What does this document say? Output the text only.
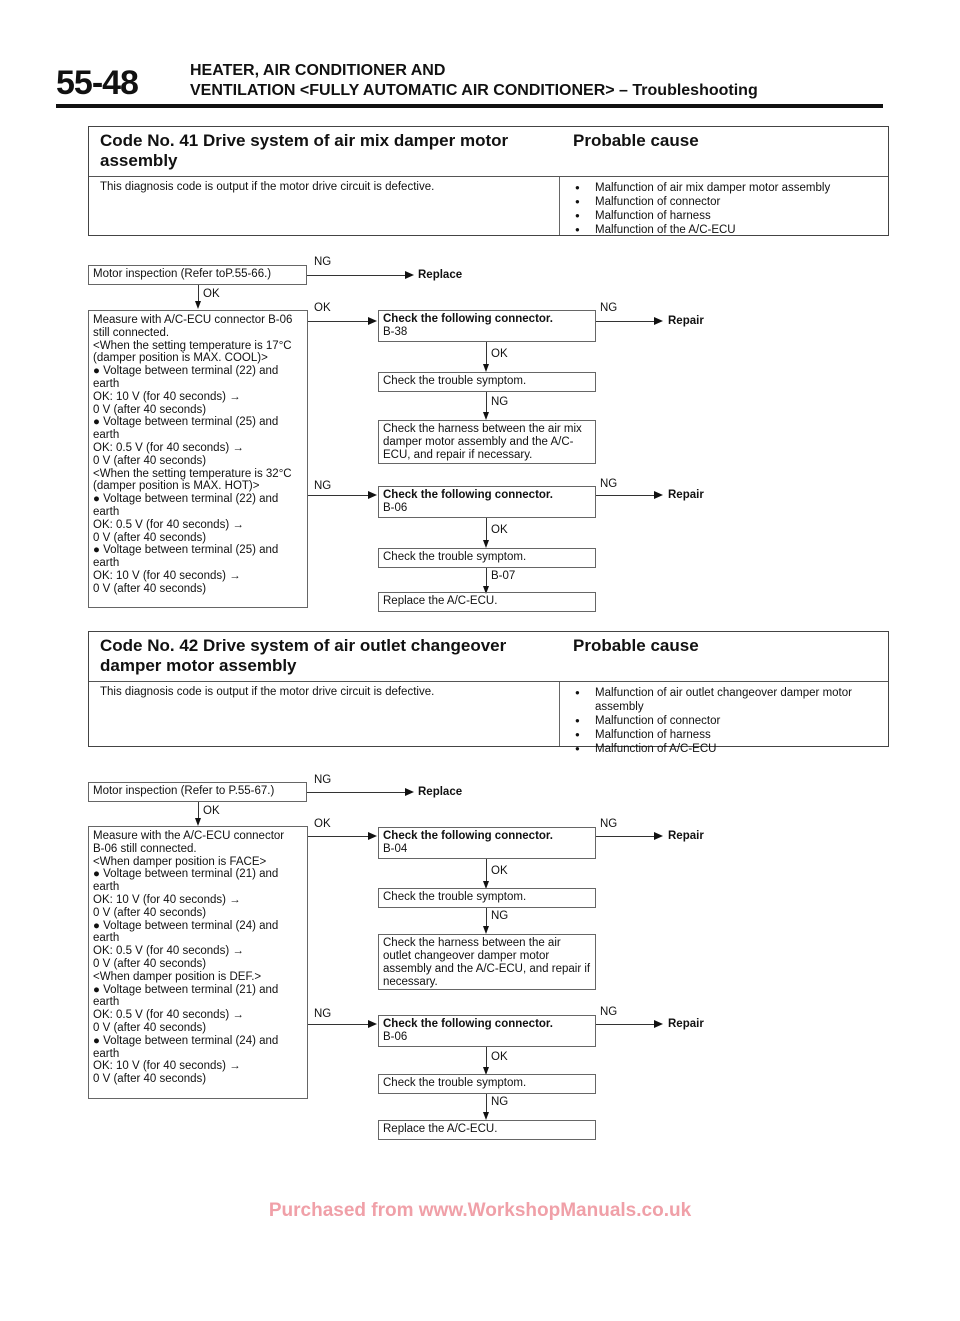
55-48	HEATER, AIR CONDITIONER AND
VENTILATION <FULLY AUTOMATIC AIR CONDITIONER> – Troubleshooting
Code No. 41 Drive system of air mix damper motor assembly
Probable cause
This diagnosis code is output if the motor drive circuit is defective.	● Malfunction of air mix damper motor assembly
● Malfunction of connector
● Malfunction of harness
● Malfunction of the A/C-ECU
Motor inspection (Refer toP.55-66.)
NG
Replace
OK
Measure with A/C-ECU connector B-06
still connected.
<When the setting temperature is 17°C
(damper position is MAX. COOL)>
● Voltage between terminal (22) and
earth
OK: 10 V (for 40 seconds) →
0 V (after 40 seconds)
● Voltage between terminal (25) and
earth
OK: 0.5 V (for 40 seconds) →
0 V (after 40 seconds)
<When the setting temperature is 32°C
(damper position is MAX. HOT)>
● Voltage between terminal (22) and
earth
OK: 0.5 V (for 40 seconds) →
0 V (after 40 seconds)
● Voltage between terminal (25) and
earth
OK: 10 V (for 40 seconds) →
0 V (after 40 seconds)
OK
Check the following connector.
B-38
NG
Repair
OK
Check the trouble symptom.
NG
Check the harness between the air mix damper motor assembly and the A/C-ECU, and repair if necessary.
NG
Check the following connector.
B-06
NG
Repair
OK
Check the trouble symptom.
B-07
Replace the A/C-ECU.
Code No. 42 Drive system of air outlet changeover damper motor assembly
Probable cause
This diagnosis code is output if the motor drive circuit is defective.	● Malfunction of air outlet changeover damper motor assembly
● Malfunction of connector
● Malfunction of harness
● Malfunction of A/C-ECU
Motor inspection (Refer to P.55-67.)
NG
Replace
OK
Measure with the A/C-ECU connector
B-06 still connected.
<When damper position is FACE>
● Voltage between terminal (21) and
earth
OK: 10 V (for 40 seconds) →
0 V (after 40 seconds)
● Voltage between terminal (24) and
earth
OK: 0.5 V (for 40 seconds) →
0 V (after 40 seconds)
<When damper position is DEF.>
● Voltage between terminal (21) and
earth
OK: 0.5 V (for 40 seconds) →
0 V (after 40 seconds)
● Voltage between terminal (24) and
earth
OK: 10 V (for 40 seconds) →
0 V (after 40 seconds)
OK
Check the following connector.
B-04
NG
Repair
OK
Check the trouble symptom.
NG
Check the harness between the air outlet changeover damper motor assembly and the A/C-ECU, and repair if necessary.
NG
Check the following connector.
B-06
NG
Repair
OK
Check the trouble symptom.
NG
Replace the A/C-ECU.
Purchased from www.WorkshopManuals.co.uk
